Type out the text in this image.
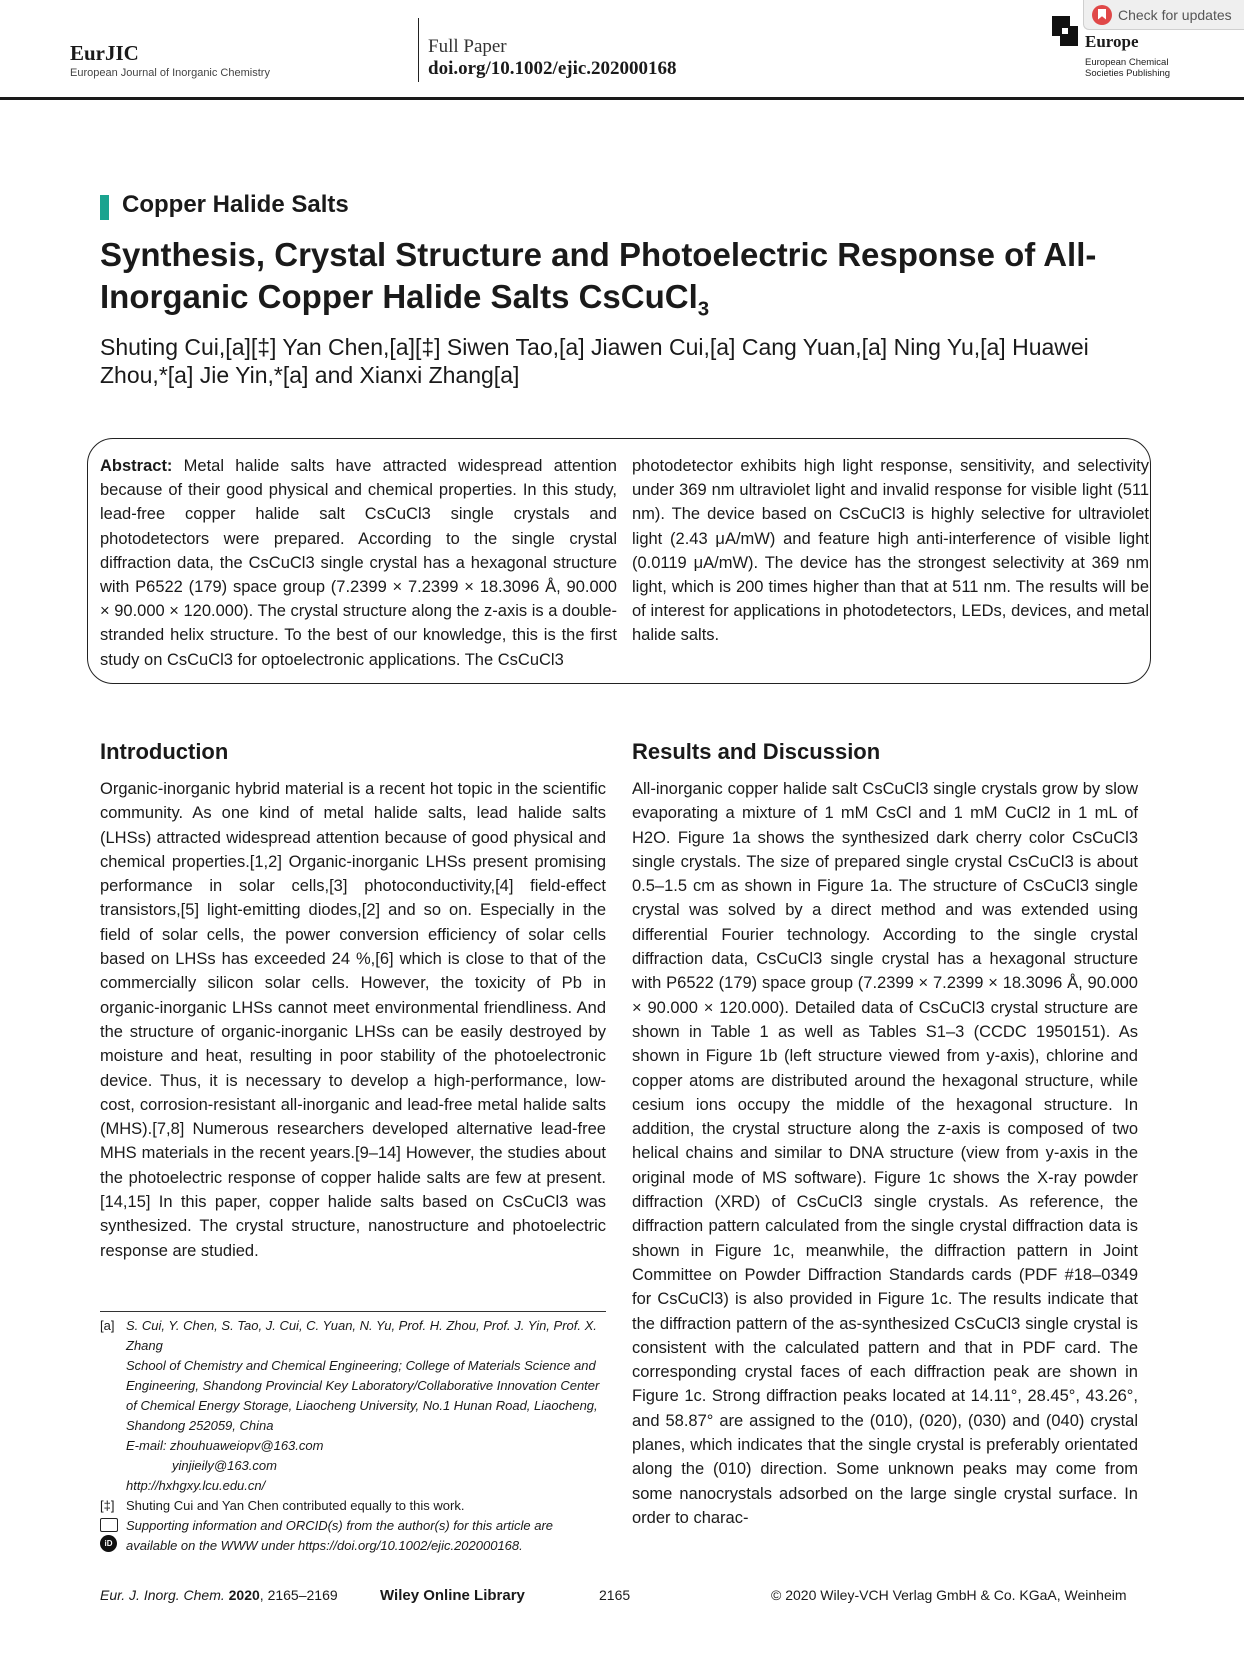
EurJIC
European Journal of Inorganic Chemistry
Full Paper
doi.org/10.1002/ejic.202000168
Europe
European Chemical Societies Publishing
Check for updates
Copper Halide Salts
Synthesis, Crystal Structure and Photoelectric Response of All-Inorganic Copper Halide Salts CsCuCl$_3$
Shuting Cui,[a][‡] Yan Chen,[a][‡] Siwen Tao,[a] Jiawen Cui,[a] Cang Yuan,[a] Ning Yu,[a] Huawei Zhou,*[a] Jie Yin,*[a] and Xianxi Zhang[a]
Abstract: Metal halide salts have attracted widespread attention because of their good physical and chemical properties. In this study, lead-free copper halide salt CsCuCl3 single crystals and photodetectors were prepared. According to the single crystal diffraction data, the CsCuCl3 single crystal has a hexagonal structure with P6522 (179) space group (7.2399 × 7.2399 × 18.3096 Å, 90.000 × 90.000 × 120.000). The crystal structure along the z-axis is a double-stranded helix structure. To the best of our knowledge, this is the first study on CsCuCl3 for optoelectronic applications. The CsCuCl3
photodetector exhibits high light response, sensitivity, and selectivity under 369 nm ultraviolet light and invalid response for visible light (511 nm). The device based on CsCuCl3 is highly selective for ultraviolet light (2.43 μA/mW) and feature high anti-interference of visible light (0.0119 μA/mW). The device has the strongest selectivity at 369 nm light, which is 200 times higher than that at 511 nm. The results will be of interest for applications in photodetectors, LEDs, devices, and metal halide salts.
Introduction
Organic-inorganic hybrid material is a recent hot topic in the scientific community. As one kind of metal halide salts, lead halide salts (LHSs) attracted widespread attention because of good physical and chemical properties.[1,2] Organic-inorganic LHSs present promising performance in solar cells,[3] photoconductivity,[4] field-effect transistors,[5] light-emitting diodes,[2] and so on. Especially in the field of solar cells, the power conversion efficiency of solar cells based on LHSs has exceeded 24 %,[6] which is close to that of the commercially silicon solar cells. However, the toxicity of Pb in organic-inorganic LHSs cannot meet environmental friendliness. And the structure of organic-inorganic LHSs can be easily destroyed by moisture and heat, resulting in poor stability of the photoelectronic device. Thus, it is necessary to develop a high-performance, low-cost, corrosion-resistant all-inorganic and lead-free metal halide salts (MHS).[7,8] Numerous researchers developed alternative lead-free MHS materials in the recent years.[9–14] However, the studies about the photoelectric response of copper halide salts are few at present.[14,15] In this paper, copper halide salts based on CsCuCl3 was synthesized. The crystal structure, nanostructure and photoelectric response are studied.
Results and Discussion
All-inorganic copper halide salt CsCuCl3 single crystals grow by slow evaporating a mixture of 1 mM CsCl and 1 mM CuCl2 in 1 mL of H2O. Figure 1a shows the synthesized dark cherry color CsCuCl3 single crystals. The size of prepared single crystal CsCuCl3 is about 0.5–1.5 cm as shown in Figure 1a. The structure of CsCuCl3 single crystal was solved by a direct method and was extended using differential Fourier technology. According to the single crystal diffraction data, CsCuCl3 single crystal has a hexagonal structure with P6522 (179) space group (7.2399 × 7.2399 × 18.3096 Å, 90.000 × 90.000 × 120.000). Detailed data of CsCuCl3 crystal structure are shown in Table 1 as well as Tables S1–3 (CCDC 1950151). As shown in Figure 1b (left structure viewed from y-axis), chlorine and copper atoms are distributed around the hexagonal structure, while cesium ions occupy the middle of the hexagonal structure. In addition, the crystal structure along the z-axis is composed of two helical chains and similar to DNA structure (view from y-axis in the original mode of MS software). Figure 1c shows the X-ray powder diffraction (XRD) of CsCuCl3 single crystals. As reference, the diffraction pattern calculated from the single crystal diffraction data is shown in Figure 1c, meanwhile, the diffraction pattern in Joint Committee on Powder Diffraction Standards cards (PDF #18–0349 for CsCuCl3) is also provided in Figure 1c. The results indicate that the diffraction pattern of the as-synthesized CsCuCl3 single crystal is consistent with the calculated pattern and that in PDF card. The corresponding crystal faces of each diffraction peak are shown in Figure 1c. Strong diffraction peaks located at 14.11°, 28.45°, 43.26°, and 58.87° are assigned to the (010), (020), (030) and (040) crystal planes, which indicates that the single crystal is preferably orientated along the (010) direction. Some unknown peaks may come from some nanocrystals adsorbed on the large single crystal surface. In order to charac-
[a] S. Cui, Y. Chen, S. Tao, J. Cui, C. Yuan, N. Yu, Prof. H. Zhou, Prof. J. Yin, Prof. X. Zhang
School of Chemistry and Chemical Engineering; College of Materials Science and Engineering, Shandong Provincial Key Laboratory/Collaborative Innovation Center of Chemical Energy Storage, Liaocheng University, No.1 Hunan Road, Liaocheng, Shandong 252059, China
E-mail: zhouhuaweiopv@163.com
yinjieily@163.com
http://hxhgxy.lcu.edu.cn/
[‡] Shuting Cui and Yan Chen contributed equally to this work.
iD
Supporting information and ORCID(s) from the author(s) for this article are available on the WWW under https://doi.org/10.1002/ejic.202000168.
Eur. J. Inorg. Chem. 2020, 2165–2169	Wiley Online Library	2165	© 2020 Wiley-VCH Verlag GmbH & Co. KGaA, Weinheim
